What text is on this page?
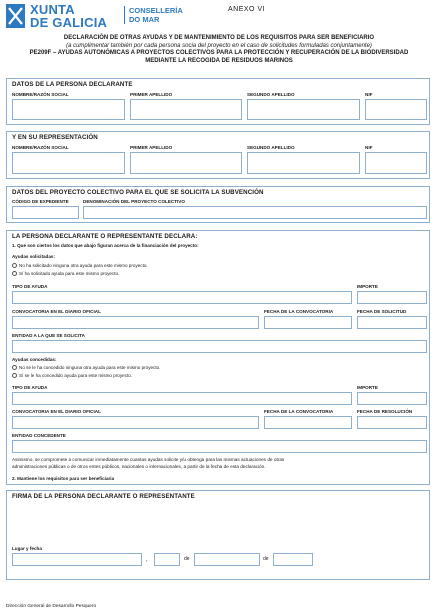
XUNTA
DE GALICIA
CONSELLERÍA
DO MAR
ANEXO VI
DECLARACIÓN DE OTRAS AYUDAS Y DE MANTENIMIENTO DE LOS REQUISITOS PARA SER BENEFICIARIO
(a cumplimentar también por cada persona socia del proyecto en el caso de solicitudes formuladas conjuntamente)
PE209F – AYUDAS AUTONÓMICAS A PROYECTOS COLECTIVOS PARA LA PROTECCIÓN Y RECUPERACIÓN DE LA BIODIVERSIDAD
MEDIANTE LA RECOGIDA DE RESIDUOS MARINOS
DATOS DE LA PERSONA DECLARANTE
NOMBRE/RAZÓN SOCIAL	PRIMER APELLIDO	SEGUNDO APELLIDO	NIF
Y EN SU REPRESENTACIÓN
NOMBRE/RAZÓN SOCIAL	PRIMER APELLIDO	SEGUNDO APELLIDO	NIF
DATOS DEL PROYECTO COLECTIVO PARA EL QUE SE SOLICITA LA SUBVENCIÓN
CÓDIGO DE EXPEDIENTE	DENOMINACIÓN DEL PROYECTO COLECTIVO
LA PERSONA DECLARANTE O REPRESENTANTE DECLARA:
1. Que son ciertos los datos que abajo figuran acerca de la financiación del proyecto:
Ayudas solicitadas:
No ha solicitado ninguna otra ayuda para este mismo proyecto.
Sí ha solicitado ayuda para este mismo proyecto.
TIPO DE AYUDA	IMPORTE
CONVOCATORIA EN EL DIARIO OFICIAL	FECHA DE LA CONVOCATORIA	FECHA DE SOLICITUD
ENTIDAD A LA QUE SE SOLICITA
Ayudas concedidas:
No se le ha concedido ninguna otra ayuda para este mismo proyecto.
Sí se le ha concedido ayuda para este mismo proyecto.
TIPO DE AYUDA	IMPORTE
CONVOCATORIA EN EL DIARIO OFICIAL	FECHA DE LA CONVOCATORIA	FECHA DE RESOLUCIÓN
ENTIDAD CONCEDENTE
Asimismo, se compromete a comunicar inmediatamente cuantas ayudas solicite y/u obtenga para las mismas actuaciones de otras
administraciones públicas o de otros entes públicos, nacionales o internacionales, a partir de la fecha de esta declaración.
2. Mantiene los requisitos para ser beneficiaria
FIRMA DE LA PERSONA DECLARANTE O REPRESENTANTE
Lugar y fecha
,	de	de
Dirección General de Desarrollo Pesquero
